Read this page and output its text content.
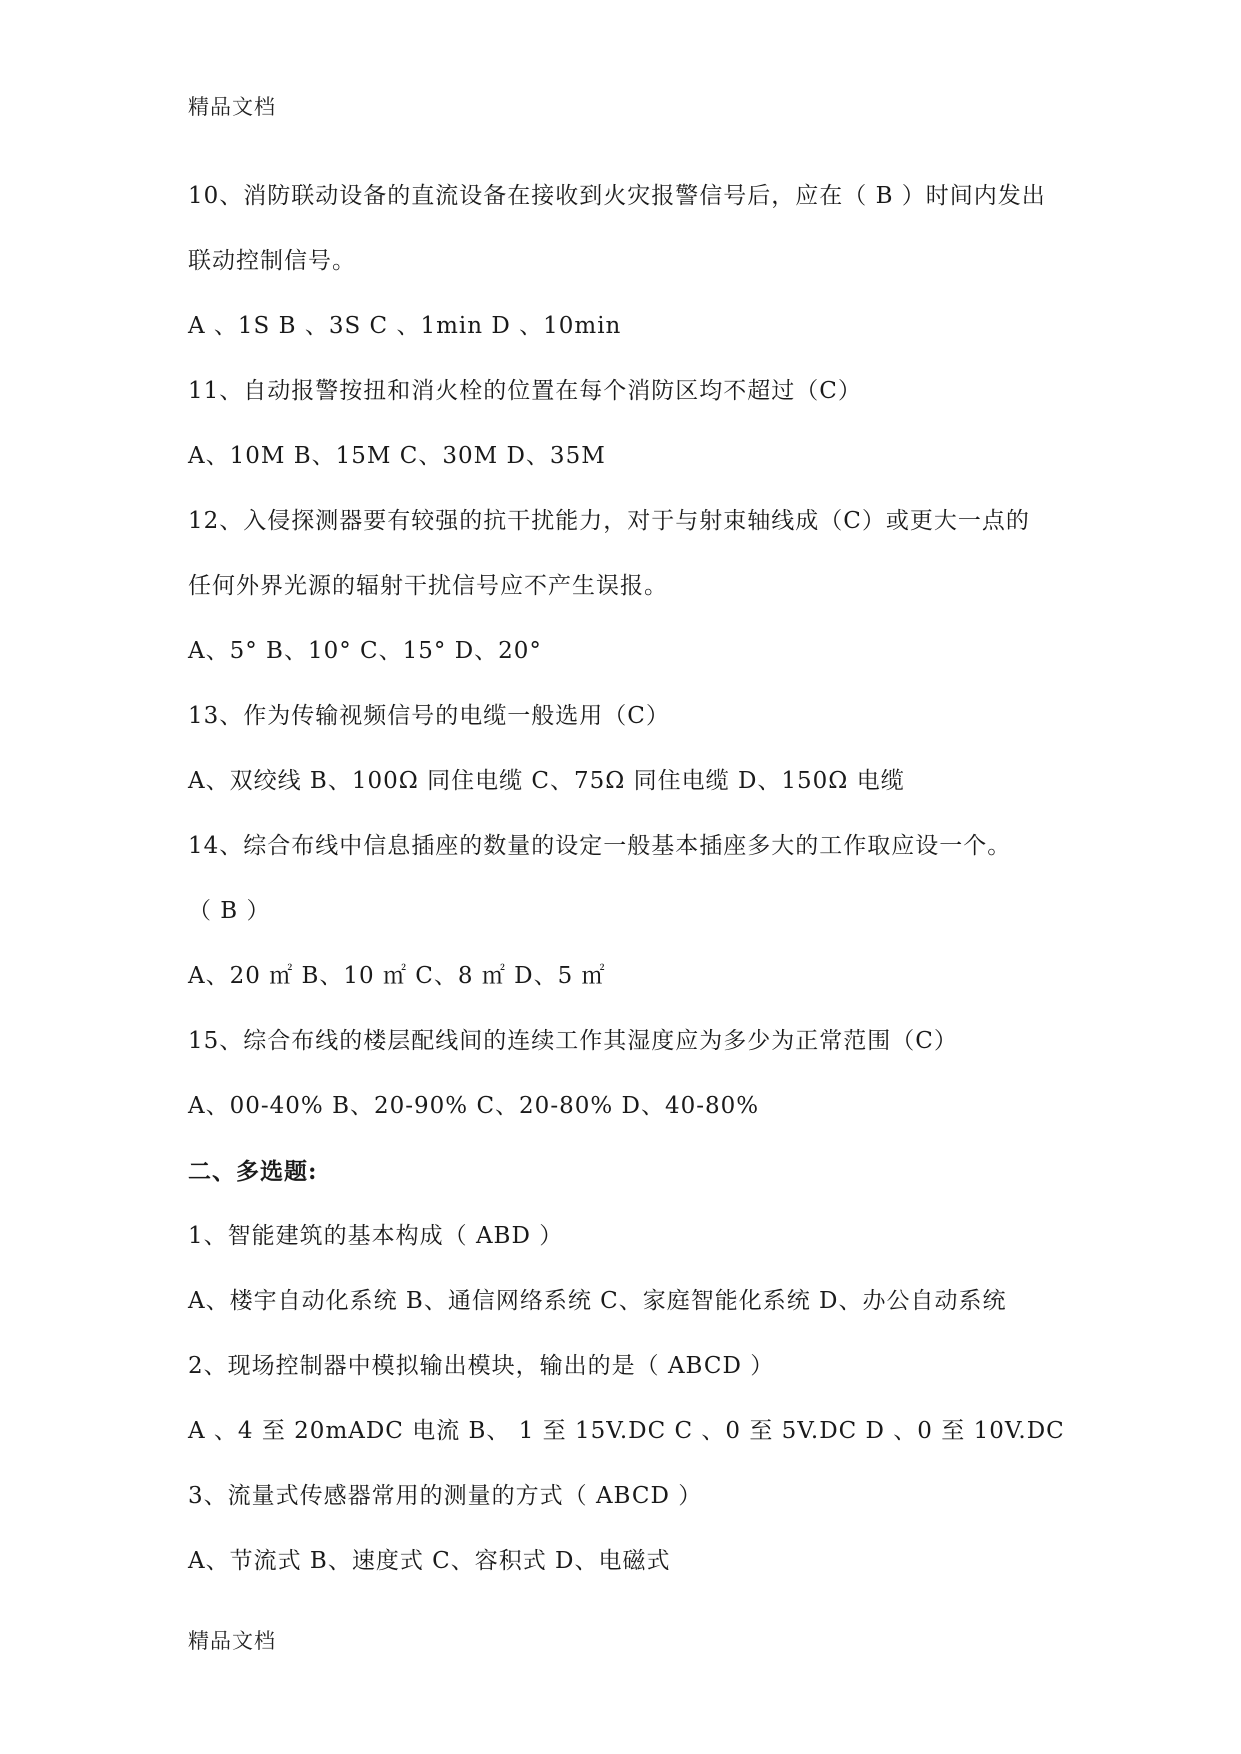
精品文档
10、消防联动设备的直流设备在接收到火灾报警信号后，应在（ B ）时间内发出
联动控制信号。
A 、1S B 、3S C 、1min D 、10min
11、自动报警按扭和消火栓的位置在每个消防区均不超过（C）
A、10M B、15M C、30M D、35M
12、入侵探测器要有较强的抗干扰能力，对于与射束轴线成（C）或更大一点的
任何外界光源的辐射干扰信号应不产生误报。
A、5° B、10° C、15° D、20°
13、作为传输视频信号的电缆一般选用（C）
A、双绞线 B、100Ω 同住电缆 C、75Ω 同住电缆 D、150Ω 电缆
14、综合布线中信息插座的数量的设定一般基本插座多大的工作取应设一个。
（ B ）
A、20 ㎡ B、10 ㎡ C、8 ㎡ D、5 ㎡
15、综合布线的楼层配线间的连续工作其湿度应为多少为正常范围（C）
A、00-40% B、20-90% C、20-80% D、40-80%
二、多选题:
1、智能建筑的基本构成（ ABD ）
A、楼宇自动化系统 B、通信网络系统 C、家庭智能化系统 D、办公自动系统
2、现场控制器中模拟输出模块，输出的是（ ABCD ）
A 、4 至 20mADC 电流 B、 1 至 15V.DC C 、0 至 5V.DC D 、0 至 10V.DC
3、流量式传感器常用的测量的方式（ ABCD ）
A、节流式 B、速度式 C、容积式 D、电磁式
精品文档
